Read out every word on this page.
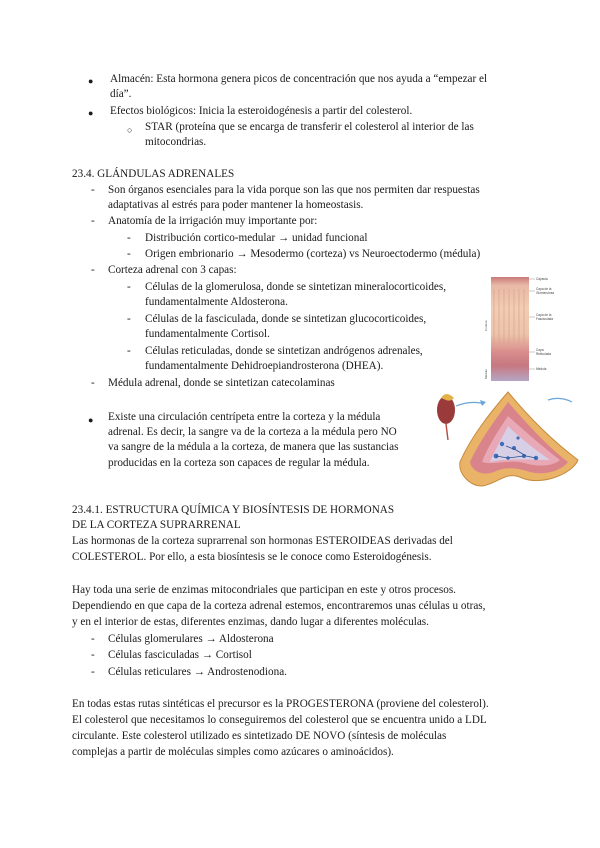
● Almacén: Esta hormona genera picos de concentración que nos ayuda a “empezar el
día”.
● Efectos biológicos: Inicia la esteroidogénesis a partir del colesterol.
○ STAR (proteína que se encarga de transferir el colesterol al interior de las
mitocondrias.
23.4. GLÁNDULAS ADRENALES
- Son órganos esenciales para la vida porque son las que nos permiten dar respuestas
adaptativas al estrés para poder mantener la homeostasis.
- Anatomía de la irrigación muy importante por:
- Distribución cortico-medular → unidad funcional
- Origen embrionario → Mesodermo (corteza) vs Neuroectodermo (médula)
- Corteza adrenal con 3 capas:
- Células de la glomerulosa, donde se sintetizan mineralocorticoides,
fundamentalmente Aldosterona.
- Células de la fasciculada, donde se sintetizan glucocorticoides,
fundamentalmente Cortisol.
- Células reticuladas, donde se sintetizan andrógenos adrenales,
fundamentalmente Dehidroepiandrosterona (DHEA).
- Médula adrenal, donde se sintetizan catecolaminas
● Existe una circulación centrípeta entre la corteza y la médula
adrenal. Es decir, la sangre va de la corteza a la médula pero NO
va sangre de la médula a la corteza, de manera que las sustancias
producidas en la corteza son capaces de regular la médula.
Cápsula
Capa de la
Glomerulosa
Capa de la
Fasciculada
Capa
Reticulada
Médula
Corteza
Médula
23.4.1. ESTRUCTURA QUÍMICA Y BIOSÍNTESIS DE HORMONAS
DE LA CORTEZA SUPRARRENAL
Las hormonas de la corteza suprarrenal son hormonas ESTEROIDEAS derivadas del
COLESTEROL. Por ello, a esta biosíntesis se le conoce como Esteroidogénesis.
Hay toda una serie de enzimas mitocondriales que participan en este y otros procesos.
Dependiendo en que capa de la corteza adrenal estemos, encontraremos unas células u otras,
y en el interior de estas, diferentes enzimas, dando lugar a diferentes moléculas.
- Células glomerulares → Aldosterona
- Células fasciculadas → Cortisol
- Células reticulares → Androstenodiona.
En todas estas rutas sintéticas el precursor es la PROGESTERONA (proviene del colesterol).
El colesterol que necesitamos lo conseguiremos del colesterol que se encuentra unido a LDL
circulante. Este colesterol utilizado es sintetizado DE NOVO (síntesis de moléculas
complejas a partir de moléculas simples como azúcares o aminoácidos).
